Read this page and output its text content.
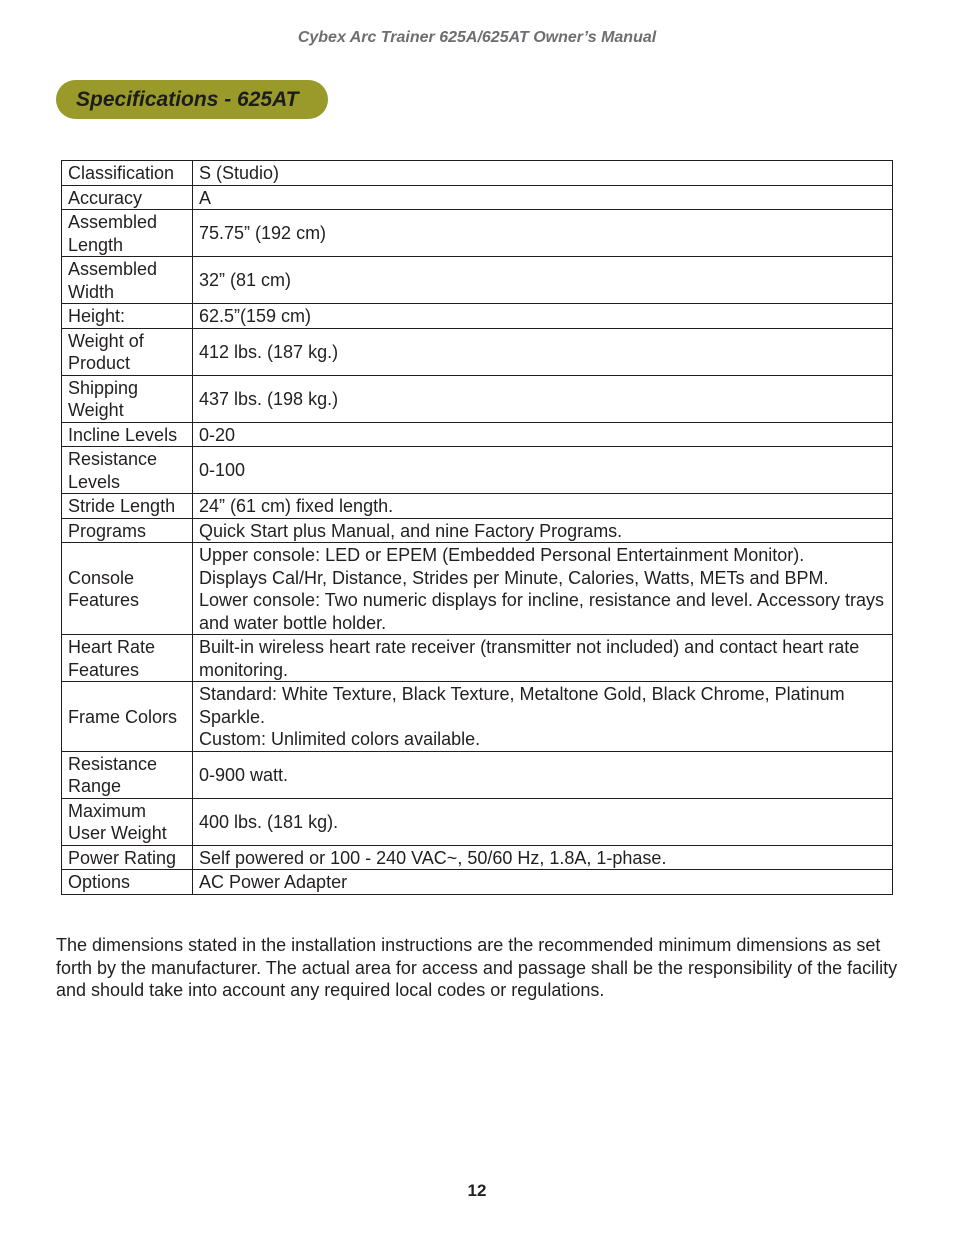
Cybex Arc Trainer 625A/625AT Owner’s Manual
Specifications - 625AT
Classification	S (Studio)
Accuracy	A
Assembled Length	75.75” (192 cm)
Assembled Width	32” (81 cm)
Height:	62.5”(159 cm)
Weight of Product	412 lbs. (187 kg.)
Shipping Weight	437 lbs. (198 kg.)
Incline Levels	0-20
Resistance Levels	0-100
Stride Length	24” (61 cm) fixed length.
Programs	Quick Start plus Manual, and nine Factory Programs.
Console Features	Upper console: LED or EPEM (Embedded Personal Entertainment Monitor).
Displays Cal/Hr, Distance, Strides per Minute, Calories, Watts, METs and BPM.
Lower console: Two numeric displays for incline, resistance and level. Accessory trays and water bottle holder.

Heart Rate Features	Built-in wireless heart rate receiver (transmitter not included) and contact heart rate monitoring.
Frame Colors	Standard: White Texture, Black Texture, Metaltone Gold, Black Chrome, Platinum Sparkle.
Custom: Unlimited colors available.

Resistance Range	0-900 watt.
Maximum User Weight	400 lbs. (181 kg).
Power Rating	Self powered or 100 - 240 VAC~, 50/60 Hz, 1.8A, 1-phase.
Options	AC Power Adapter

The dimensions stated in the installation instructions are the recommended minimum dimensions as set forth by the manufacturer. The actual area for access and passage shall be the responsibility of the facility and should take into account any required local codes or regulations.

12
